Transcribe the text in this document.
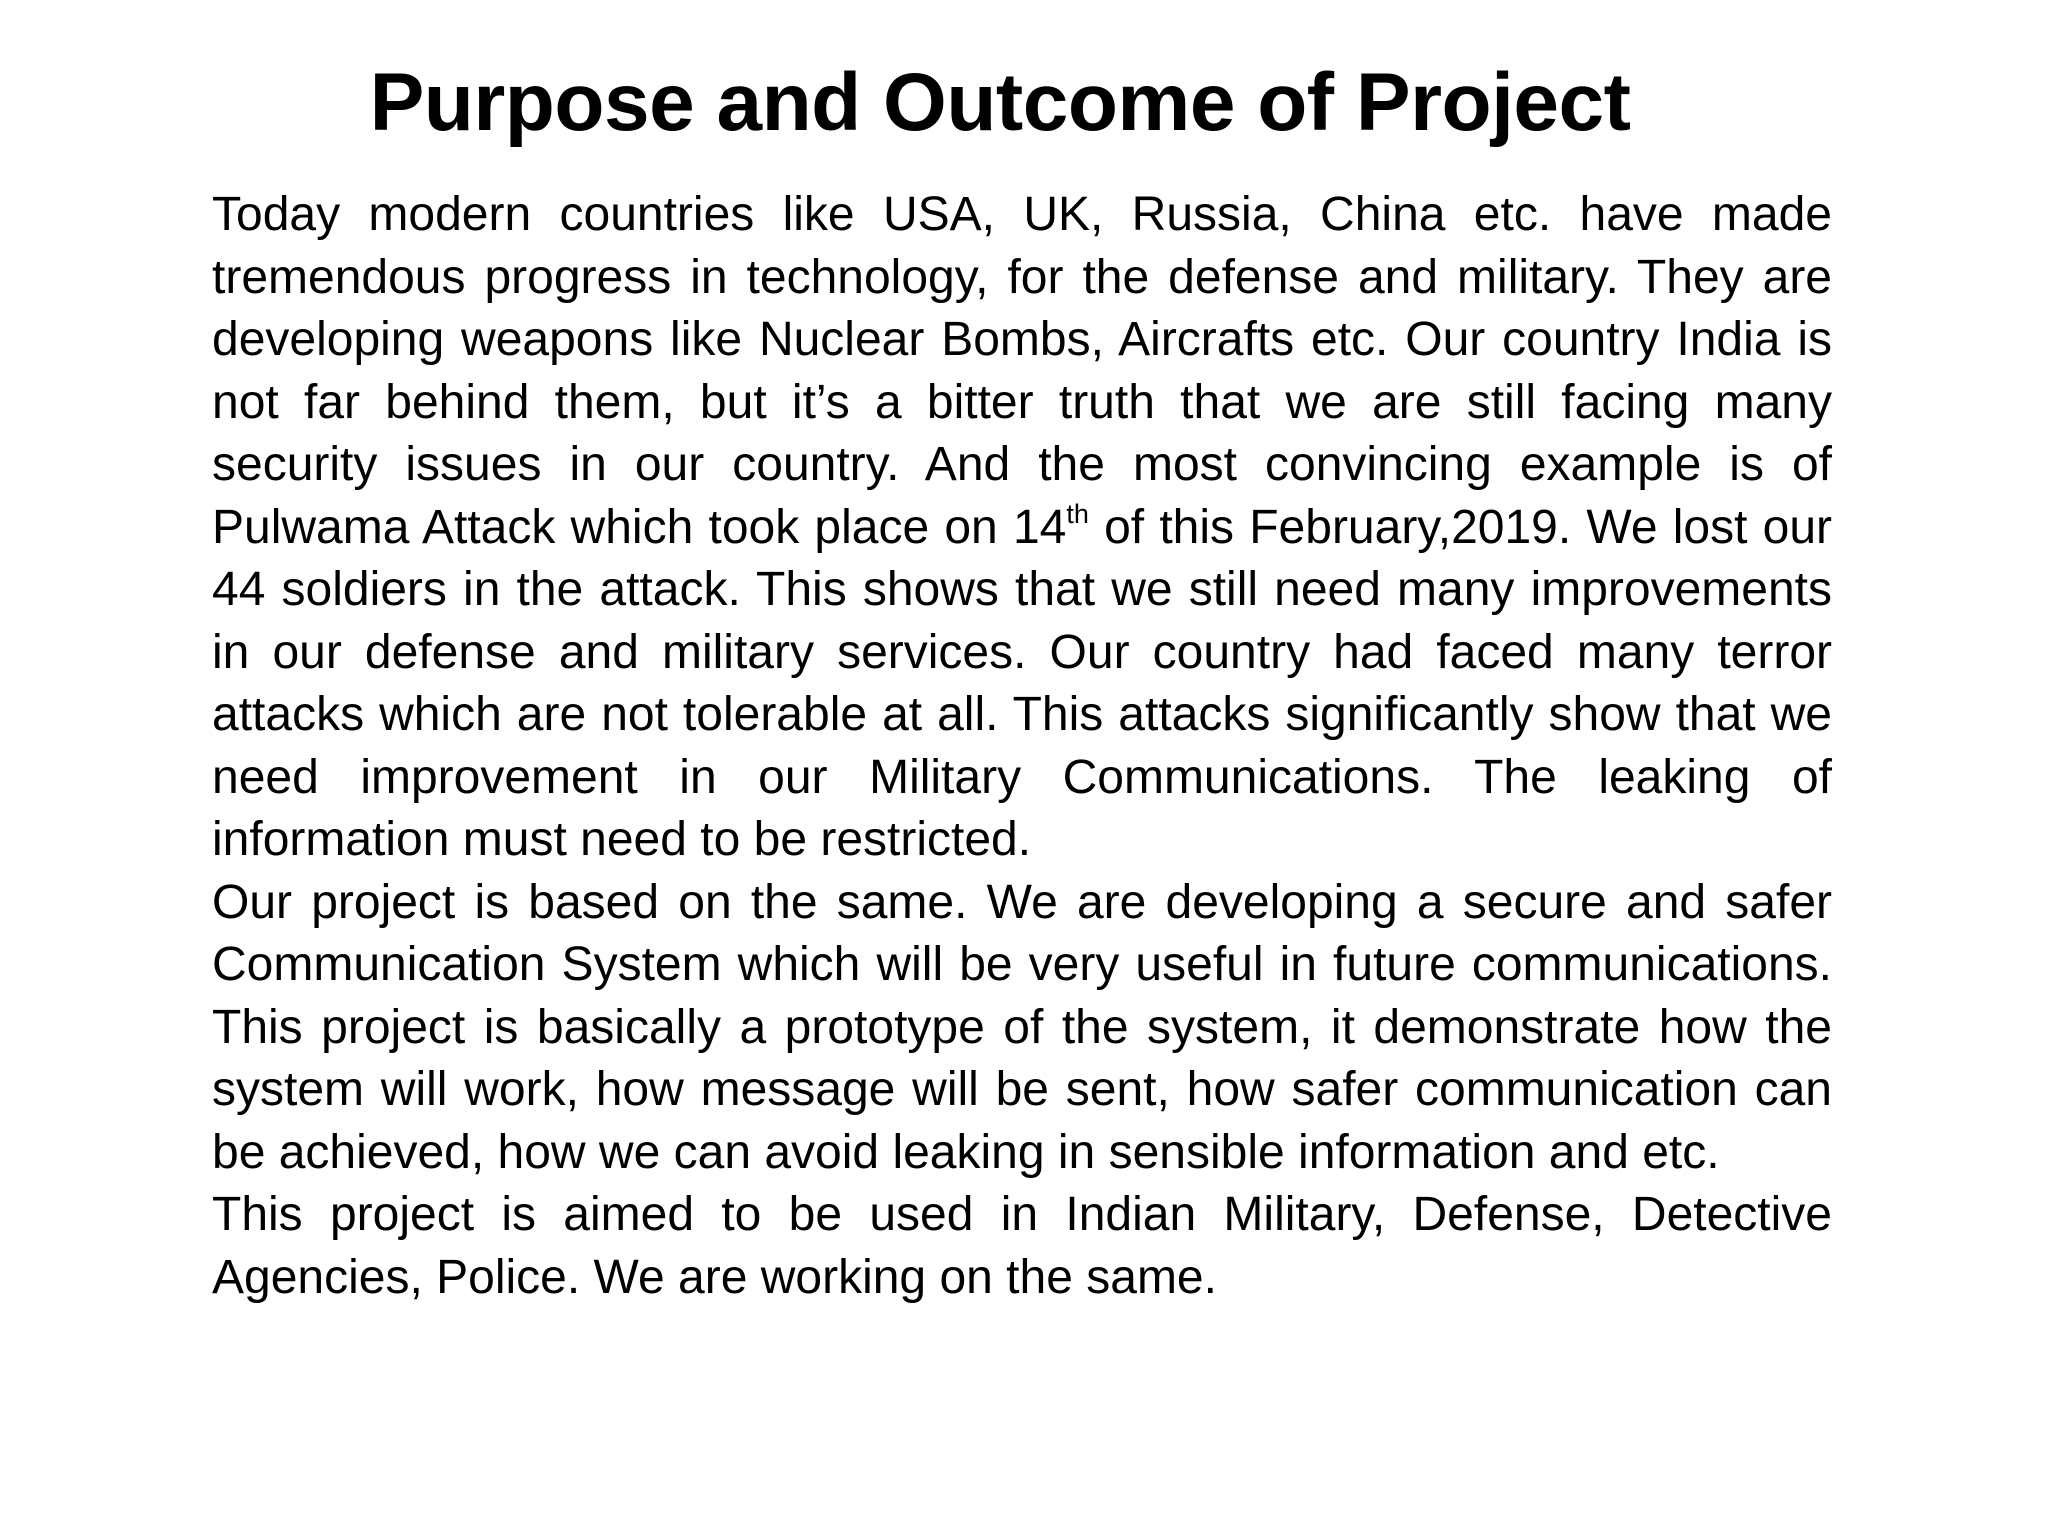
Purpose and Outcome of Project

Today modern countries like USA, UK, Russia, China etc. have made tremendous progress in technology, for the defense and military. They are developing weapons like Nuclear Bombs, Aircrafts etc. Our country India is not far behind them, but it’s a bitter truth that we are still facing many security issues in our country. And the most convincing example is of Pulwama Attack which took place on 14th of this February,2019. We lost our 44 soldiers in the attack. This shows that we still need many improvements in our defense and military services. Our country had faced many terror attacks which are not tolerable at all. This attacks significantly show that we need improvement in our Military Communications. The leaking of information must need to be restricted.

Our project is based on the same. We are developing a secure and safer Communication System which will be very useful in future communications. This project is basically a prototype of the system, it demonstrate how the system will work, how message will be sent, how safer communication can be achieved, how we can avoid leaking in sensible information and etc.

This project is aimed to be used in Indian Military, Defense, Detective Agencies, Police. We are working on the same.
